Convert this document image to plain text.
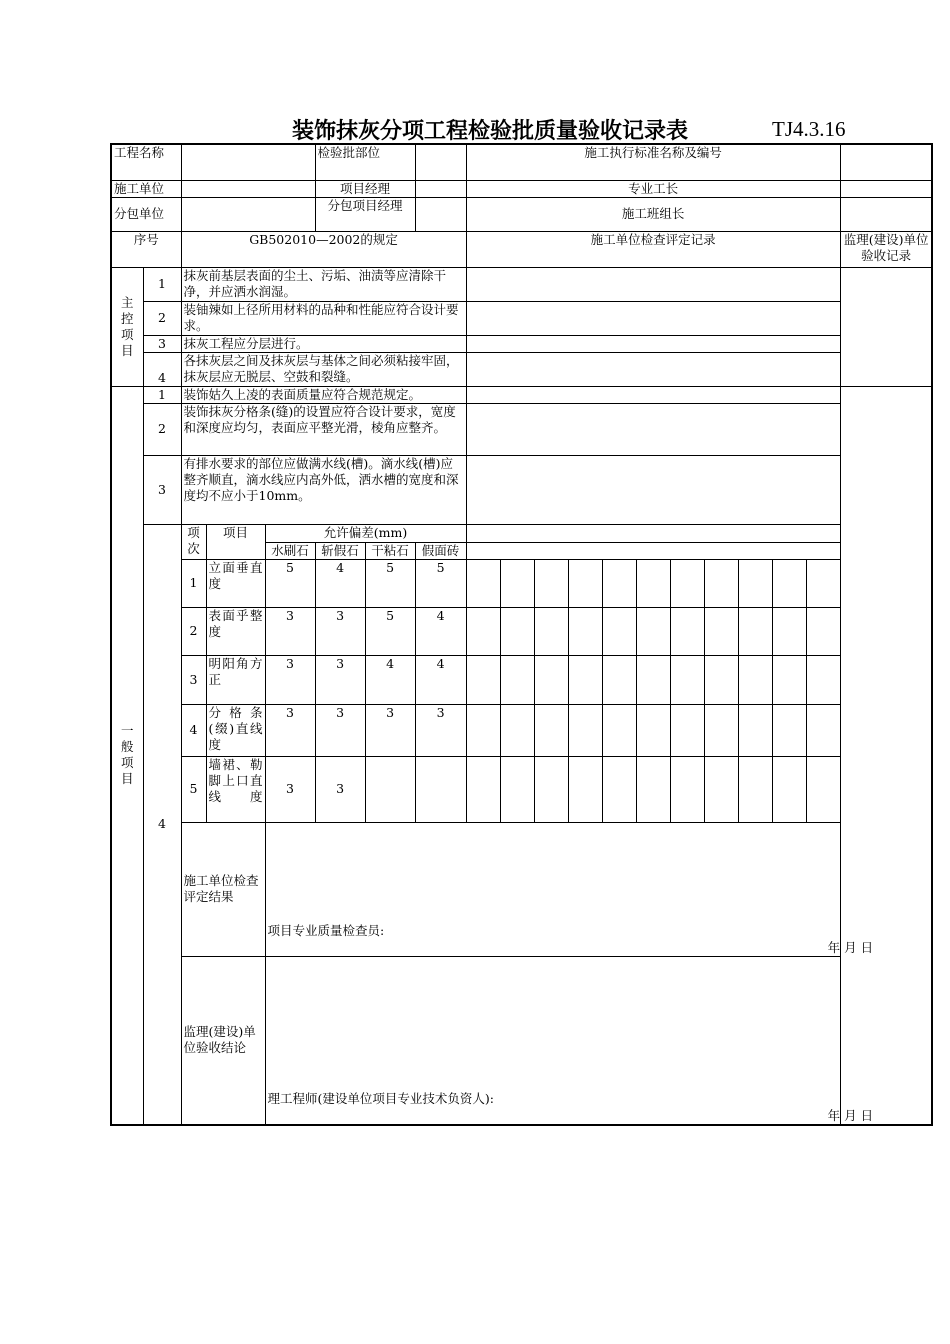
装饰抹灰分项工程检验批质量验收记录表	TJ4.3.16
工程名称					检验批部位			施工执行标准名称及编号											
施工单位					项目经理			专业工长											
分包单位					分包项目经理			施工班组长											
序号		GB502010—2002的规定						施工单位检查评定记录											监理(建设)单位验收记录
主控项目	1	抹灰前基层表面的尘土、污垢、油渍等应清除干净，并应洒水润湿。																	
	2	装铀辣如上径所用材料的品种和性能应符合设计要求。																	
	3	抹灰工程应分层进行。																	
	4	各抹灰层之间及抹灰层与基体之间必须粘接牢固，抹灰层应无脱层、空鼓和裂缝。																	
一般项目	1	装饰姑久上凌的表面质量应符合规范规定。																	
	2	装饰抹灰分格条(缝)的设置应符合设计要求，宽度和深度应均匀，表面应平整光滑，棱角应整齐。																	
	3	有排水要求的部位应做满水线(槽)。滴水线(槽)应整齐顺直，滴水线应内高外低，洒水槽的宽度和深度均不应小于10mm。																	
	4	项次	项目	允许偏差(mm)															
				水刷石	斩假石	干粘石	假面砖												
		1	立面垂直度	5	4	5	5												
		2	表面乎整度	3	3	5	4												
		3	明阳角方正	3	3	4	4												
		4	分格条(缀)直线度	3	3	3	3												
		5	墙裙、勒脚上口直线度	3	3														
		施工单位检查评定结果		项目专业质量检查员:
年 月 日															

		监理(建设)单位验收结论		理工程师(建设单位项目专业技术负资人):
年 月 日															
